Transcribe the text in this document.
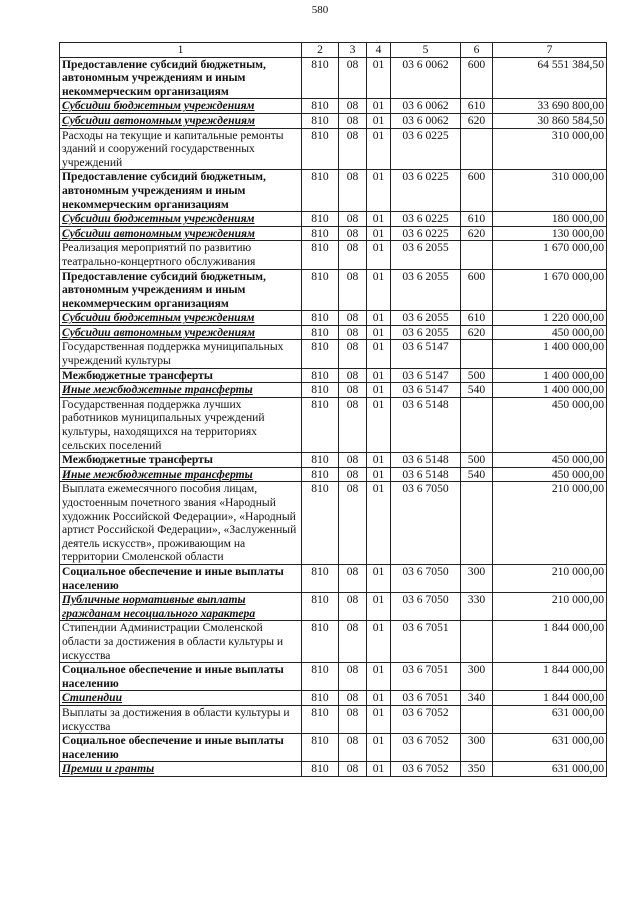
580
1	2	3	4	5	6	7
Предоставление субсидий бюджетным, автономным учреждениям и иным некоммерческим организациям	810	08	01	03 6 0062	600	64 551 384,50
Субсидии бюджетным учреждениям	810	08	01	03 6 0062	610	33 690 800,00
Субсидии автономным учреждениям	810	08	01	03 6 0062	620	30 860 584,50
Расходы на текущие и капитальные ремонты зданий и сооружений государственных учреждений	810	08	01	03 6 0225		310 000,00
Предоставление субсидий бюджетным, автономным учреждениям и иным некоммерческим организациям	810	08	01	03 6 0225	600	310 000,00
Субсидии бюджетным учреждениям	810	08	01	03 6 0225	610	180 000,00
Субсидии автономным учреждениям	810	08	01	03 6 0225	620	130 000,00
Реализация мероприятий по развитию театрально-концертного обслуживания	810	08	01	03 6 2055		1 670 000,00
Предоставление субсидий бюджетным, автономным учреждениям и иным некоммерческим организациям	810	08	01	03 6 2055	600	1 670 000,00
Субсидии бюджетным учреждениям	810	08	01	03 6 2055	610	1 220 000,00
Субсидии автономным учреждениям	810	08	01	03 6 2055	620	450 000,00
Государственная поддержка муниципальных учреждений культуры	810	08	01	03 6 5147		1 400 000,00
Межбюджетные трансферты	810	08	01	03 6 5147	500	1 400 000,00
Иные межбюджетные трансферты	810	08	01	03 6 5147	540	1 400 000,00
Государственная поддержка лучших работников муниципальных учреждений культуры, находящихся на территориях сельских поселений	810	08	01	03 6 5148		450 000,00
Межбюджетные трансферты	810	08	01	03 6 5148	500	450 000,00
Иные межбюджетные трансферты	810	08	01	03 6 5148	540	450 000,00
Выплата ежемесячного пособия лицам, удостоенным почетного звания «Народный художник Российской Федерации», «Народный артист Российской Федерации», «Заслуженный деятель искусств», проживающим на территории Смоленской области	810	08	01	03 6 7050		210 000,00
Социальное обеспечение и иные выплаты населению	810	08	01	03 6 7050	300	210 000,00
Публичные нормативные выплаты гражданам несоциального характера	810	08	01	03 6 7050	330	210 000,00
Стипендии Администрации Смоленской области за достижения в области культуры и искусства	810	08	01	03 6 7051		1 844 000,00
Социальное обеспечение и иные выплаты населению	810	08	01	03 6 7051	300	1 844 000,00
Стипендии	810	08	01	03 6 7051	340	1 844 000,00
Выплаты за достижения в области культуры и искусства	810	08	01	03 6 7052		631 000,00
Социальное обеспечение и иные выплаты населению	810	08	01	03 6 7052	300	631 000,00
Премии и гранты	810	08	01	03 6 7052	350	631 000,00
